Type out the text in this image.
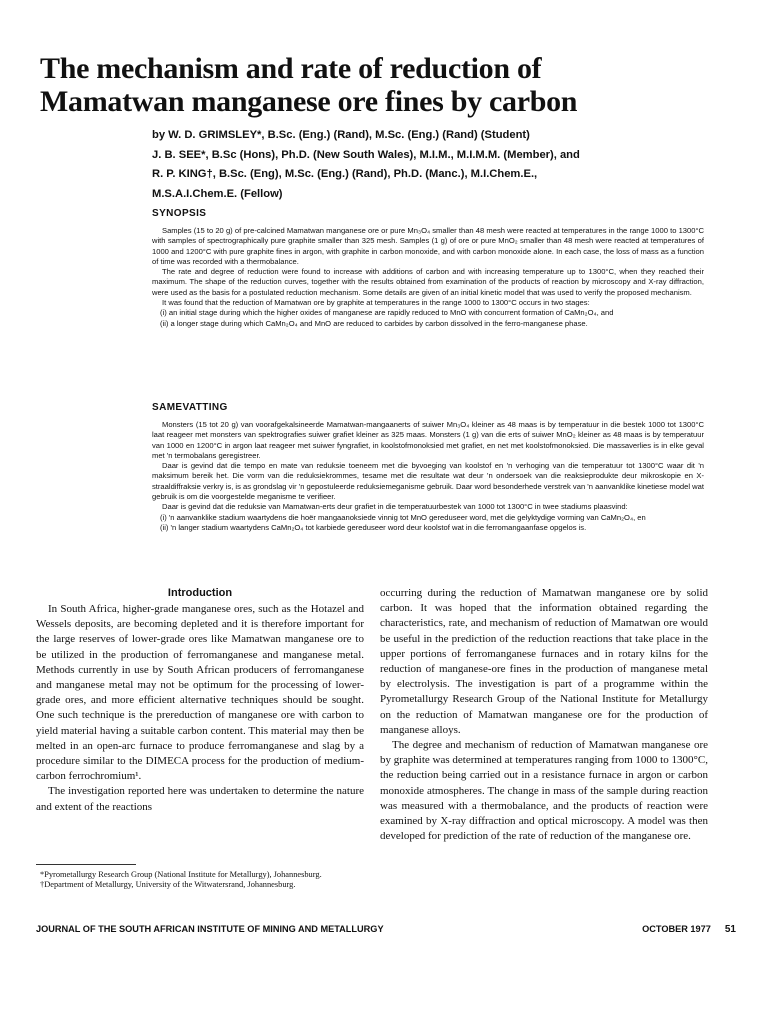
The mechanism and rate of reduction of
Mamatwan manganese ore fines by carbon
by W. D. GRIMSLEY*, B.Sc. (Eng.) (Rand), M.Sc. (Eng.) (Rand) (Student)
J. B. SEE*, B.Sc (Hons), Ph.D. (New South Wales), M.I.M., M.I.M.M. (Member), and
R. P. KING†, B.Sc. (Eng), M.Sc. (Eng.) (Rand), Ph.D. (Manc.), M.I.Chem.E.,
M.S.A.I.Chem.E. (Fellow)
SYNOPSIS

Samples (15 to 20 g) of pre-calcined Mamatwan manganese ore or pure Mn₃O₄ smaller than 48 mesh were reacted at temperatures in the range 1000 to 1300°C with samples of spectrographically pure graphite smaller than 325 mesh. Samples (1 g) of ore or pure MnO₂ smaller than 48 mesh were reacted at temperatures of 1000 and 1200°C with pure graphite fines in argon, with graphite in carbon monoxide, and with carbon monoxide alone. In each case, the loss of mass as a function of time was recorded with a thermobalance.

The rate and degree of reduction were found to increase with additions of carbon and with increasing temperature up to 1300°C, when they reached their maximum. The shape of the reduction curves, together with the results obtained from examination of the products of reaction by microscopy and X-ray diffraction, were used as the basis for a postulated reduction mechanism. Some details are given of an initial kinetic model that was used to verify the proposed mechanism.

It was found that the reduction of Mamatwan ore by graphite at temperatures in the range 1000 to 1300°C occurs in two stages:

(i) an initial stage during which the higher oxides of manganese are rapidly reduced to MnO with concurrent formation of CaMn₂O₄, and

(ii) a longer stage during which CaMn₂O₄ and MnO are reduced to carbides by carbon dissolved in the ferro-manganese phase.

SAMEVATTING

Monsters (15 tot 20 g) van voorafgekalsineerde Mamatwan-mangaanerts of suiwer Mn₃O₄ kleiner as 48 maas is by temperatuur in die bestek 1000 tot 1300°C laat reageer met monsters van spektrografies suiwer grafiet kleiner as 325 maas. Monsters (1 g) van die erts of suiwer MnO₂ kleiner as 48 maas is by temperatuur van 1000 en 1200°C in argon laat reageer met suiwer fyngrafiet, in koolstofmonoksied met grafiet, en net met koolstofmonoksied. Die massaverlies is in elke geval met 'n termobalans geregistreer.

Daar is gevind dat die tempo en mate van reduksie toeneem met die byvoeging van koolstof en 'n verhoging van die temperatuur tot 1300°C waar dit 'n maksimum bereik het. Die vorm van die reduksiekrommes, tesame met die resultate wat deur 'n ondersoek van die reaksieprodukte deur mikroskopie en X-straaldiffraksie verkry is, is as grondslag vir 'n gepostuleerde reduksiemeganisme gebruik. Daar word besonderhede verstrek van 'n aanvanklike kinetiese model wat gebruik is om die voorgestelde meganisme te verifieer.

Daar is gevind dat die reduksie van Mamatwan-erts deur grafiet in die temperatuurbestek van 1000 tot 1300°C in twee stadiums plaasvind:

(i) 'n aanvanklike stadium waartydens die hoër mangaanoksiede vinnig tot MnO gereduseer word, met die gelyktydige vorming van CaMn₂O₄, en

(ii) 'n langer stadium waartydens CaMn₂O₄ tot karbiede gereduseer word deur koolstof wat in die ferromangaanfase opgelos is.

Introduction

In South Africa, higher-grade manganese ores, such as the Hotazel and Wessels deposits, are becoming depleted and it is therefore important for the large reserves of lower-grade ores like Mamatwan manganese ore to be utilized in the production of ferromanganese and manganese metal. Methods currently in use by South African producers of ferromanganese and manganese metal may not be optimum for the processing of lower-grade ores, and more efficient alternative techniques should be sought. One such technique is the prereduction of manganese ore with carbon to yield material having a suitable carbon content. This material may then be melted in an open-arc furnace to produce ferromanganese and slag by a procedure similar to the DIMECA process for the production of medium-carbon ferrochromium¹.

The investigation reported here was undertaken to determine the nature and extent of the reactions

occurring during the reduction of Mamatwan manganese ore by solid carbon. It was hoped that the information obtained regarding the characteristics, rate, and mechanism of reduction of Mamatwan ore would be useful in the prediction of the reduction reactions that take place in the upper portions of ferromanganese furnaces and in rotary kilns for the reduction of manganese-ore fines in the production of manganese metal by electrolysis. The investigation is part of a programme within the Pyrometallurgy Research Group of the National Institute for Metallurgy on the reduction of Mamatwan manganese ore for the production of manganese alloys.

The degree and mechanism of reduction of Mamatwan manganese ore by graphite was determined at temperatures ranging from 1000 to 1300°C, the reduction being carried out in a resistance furnace in argon or carbon monoxide atmospheres. The change in mass of the sample during reaction was measured with a thermobalance, and the products of reaction were examined by X-ray diffraction and optical microscopy. A model was then developed for prediction of the rate of reduction of the manganese ore.

*Pyrometallurgy Research Group (National Institute for Metallurgy), Johannesburg.

†Department of Metallurgy, University of the Witwatersrand, Johannesburg.

JOURNAL OF THE SOUTH AFRICAN INSTITUTE OF MINING AND METALLURGY	OCTOBER 1977 51
